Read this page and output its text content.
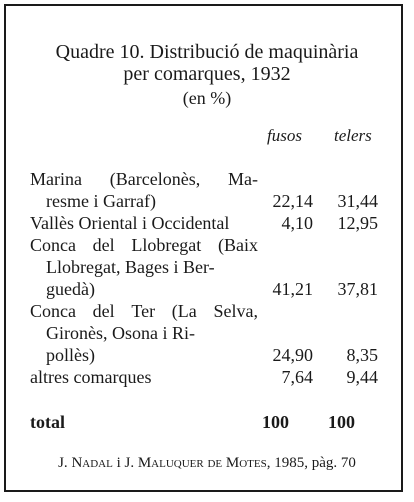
Quadre 10. Distribució de maquinària
per comarques, 1932
(en %)
fusos telers
Marina (Barcelonès, Ma-
resme i Garraf)	22,14 31,44
Vallès Oriental i Occidental	4,10 12,95
Conca del Llobregat (Baix
Llobregat, Bages i Ber-
guedà)	41,21 37,81
Conca del Ter (La Selva,
Gironès, Osona i Ri-
pollès)	24,90 8,35
altres comarques	7,64 9,44
total	100 100
J. Nadal i J. Maluquer de Motes, 1985, pàg. 70
